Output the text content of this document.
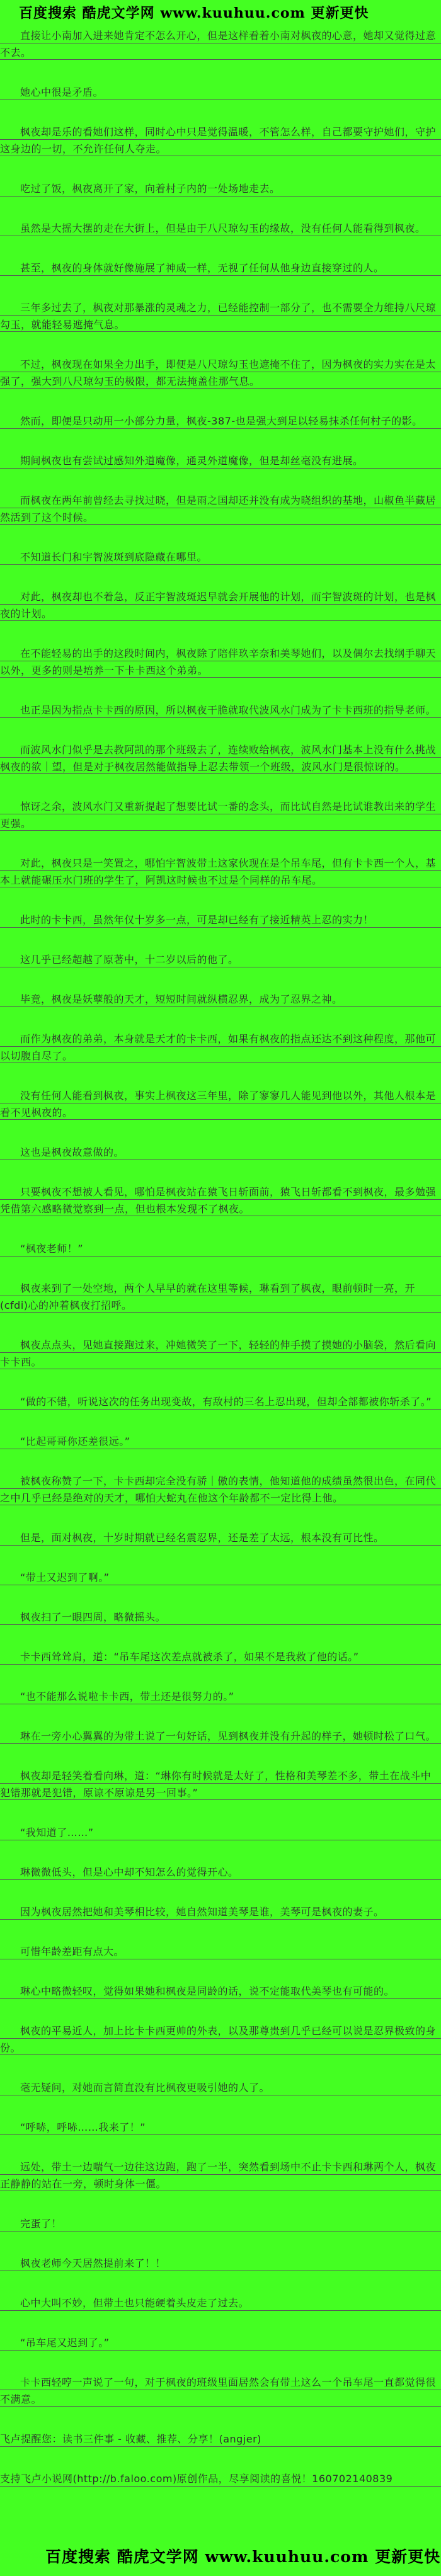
百度搜索 酷虎文学网 www.kuuhuu.com 更新更快

直接让小南加入进来她肯定不怎么开心，但是这样看着小南对枫夜的心意，她却又觉得过意不去。

她心中很是矛盾。

枫夜却是乐的看她们这样，同时心中只是觉得温暖，不管怎么样，自己都要守护她们，守护这身边的一切，不允许任何人夺走。

吃过了饭，枫夜离开了家，向着村子内的一处场地走去。

虽然是大摇大摆的走在大街上，但是由于八尺琼勾玉的缘故，没有任何人能看得到枫夜。

甚至，枫夜的身体就好像施展了神威一样，无视了任何从他身边直接穿过的人。

三年多过去了，枫夜对那暴涨的灵魂之力，已经能控制一部分了，也不需要全力维持八尺琼勾玉，就能轻易遮掩气息。

不过，枫夜现在如果全力出手，即便是八尺琼勾玉也遮掩不住了，因为枫夜的实力实在是太强了，强大到八尺琼勾玉的极限，都无法掩盖住那气息。

然而，即便是只动用一小部分力量，枫夜-387-也是强大到足以轻易抹杀任何村子的影。

期间枫夜也有尝试过感知外道魔像，通灵外道魔像，但是却丝毫没有进展。

而枫夜在两年前曾经去寻找过晓，但是雨之国却还并没有成为晓组织的基地，山椒鱼半藏居然活到了这个时候。

不知道长门和宇智波斑到底隐藏在哪里。

对此，枫夜却也不着急，反正宇智波斑迟早就会开展他的计划，而宇智波斑的计划，也是枫夜的计划。

在不能轻易的出手的这段时间内，枫夜除了陪伴玖辛奈和美琴她们，以及偶尔去找纲手聊天以外，更多的则是培养一下卡卡西这个弟弟。

也正是因为指点卡卡西的原因，所以枫夜干脆就取代波风水门成为了卡卡西班的指导老师。

而波风水门似乎是去教阿凯的那个班级去了，连续败给枫夜，波风水门基本上没有什么挑战枫夜的欲｜望，但是对于枫夜居然能做指导上忍去带领一个班级，波风水门是很惊讶的。

惊讶之余，波风水门又重新提起了想要比试一番的念头，而比试自然是比试谁教出来的学生更强。

对此，枫夜只是一笑置之，哪怕宇智波带土这家伙现在是个吊车尾，但有卡卡西一个人，基本上就能碾压水门班的学生了，阿凯这时候也不过是个同样的吊车尾。

此时的卡卡西，虽然年仅十岁多一点，可是却已经有了接近精英上忍的实力！

这几乎已经超越了原著中，十二岁以后的他了。

毕竟，枫夜是妖孽般的天才，短短时间就纵横忍界，成为了忍界之神。

而作为枫夜的弟弟，本身就是天才的卡卡西，如果有枫夜的指点还达不到这种程度，那他可以切腹自尽了。

没有任何人能看到枫夜，事实上枫夜这三年里，除了寥寥几人能见到他以外，其他人根本是看不见枫夜的。

这也是枫夜故意做的。

只要枫夜不想被人看见，哪怕是枫夜站在猿飞日斩面前，猿飞日斩都看不到枫夜，最多勉强凭借第六感略微觉察到一点，但也根本发现不了枫夜。

“枫夜老师！”

枫夜来到了一处空地，两个人早早的就在这里等候，琳看到了枫夜，眼前顿时一亮，开(cfdi)心的冲着枫夜打招呼。

枫夜点点头，见她直接跑过来，冲她微笑了一下，轻轻的伸手摸了摸她的小脑袋，然后看向卡卡西。

“做的不错，听说这次的任务出现变故，有敌村的三名上忍出现，但却全部都被你斩杀了。”

“比起哥哥你还差很远。”

被枫夜称赞了一下，卡卡西却完全没有骄｜傲的表情，他知道他的成绩虽然很出色，在同代之中几乎已经是绝对的天才，哪怕大蛇丸在他这个年龄都不一定比得上他。

但是，面对枫夜，十岁时期就已经名震忍界，还是差了太远，根本没有可比性。

“带土又迟到了啊。”

枫夜扫了一眼四周，略微摇头。

卡卡西耸耸肩，道：“吊车尾这次差点就被杀了，如果不是我救了他的话。”

“也不能那么说啦卡卡西，带土还是很努力的。”

琳在一旁小心翼翼的为带土说了一句好话，见到枫夜并没有升起的样子，她顿时松了口气。

枫夜却是轻笑着看向琳，道：“琳你有时候就是太好了，性格和美琴差不多，带土在战斗中犯错那就是犯错，原谅不原谅是另一回事。”

“我知道了……”

琳微微低头，但是心中却不知怎么的觉得开心。

因为枫夜居然把她和美琴相比较，她自然知道美琴是谁，美琴可是枫夜的妻子。

可惜年龄差距有点大。

琳心中略微轻叹，觉得如果她和枫夜是同龄的话，说不定能取代美琴也有可能的。

枫夜的平易近人，加上比卡卡西更帅的外表，以及那尊贵到几乎已经可以说是忍界极致的身份。

毫无疑问，对她而言简直没有比枫夜更吸引她的人了。

“呼哧，呼哧……我来了！”

远处，带土一边喘气一边往这边跑，跑了一半，突然看到场中不止卡卡西和琳两个人，枫夜正静静的站在一旁，顿时身体一僵。

完蛋了！

枫夜老师今天居然提前来了！！

心中大叫不妙，但带土也只能硬着头皮走了过去。

“吊车尾又迟到了。”

卡卡西轻哼一声说了一句，对于枫夜的班级里面居然会有带土这么一个吊车尾一直都觉得很不满意。

飞卢提醒您：读书三件事 - 收藏、推荐、分享！(angjer)

支持飞卢小说网(http://b.faloo.com)原创作品，尽享阅读的喜悦！160702140839

百度搜索 酷虎文学网 www.kuuhuu.com 更新更快
